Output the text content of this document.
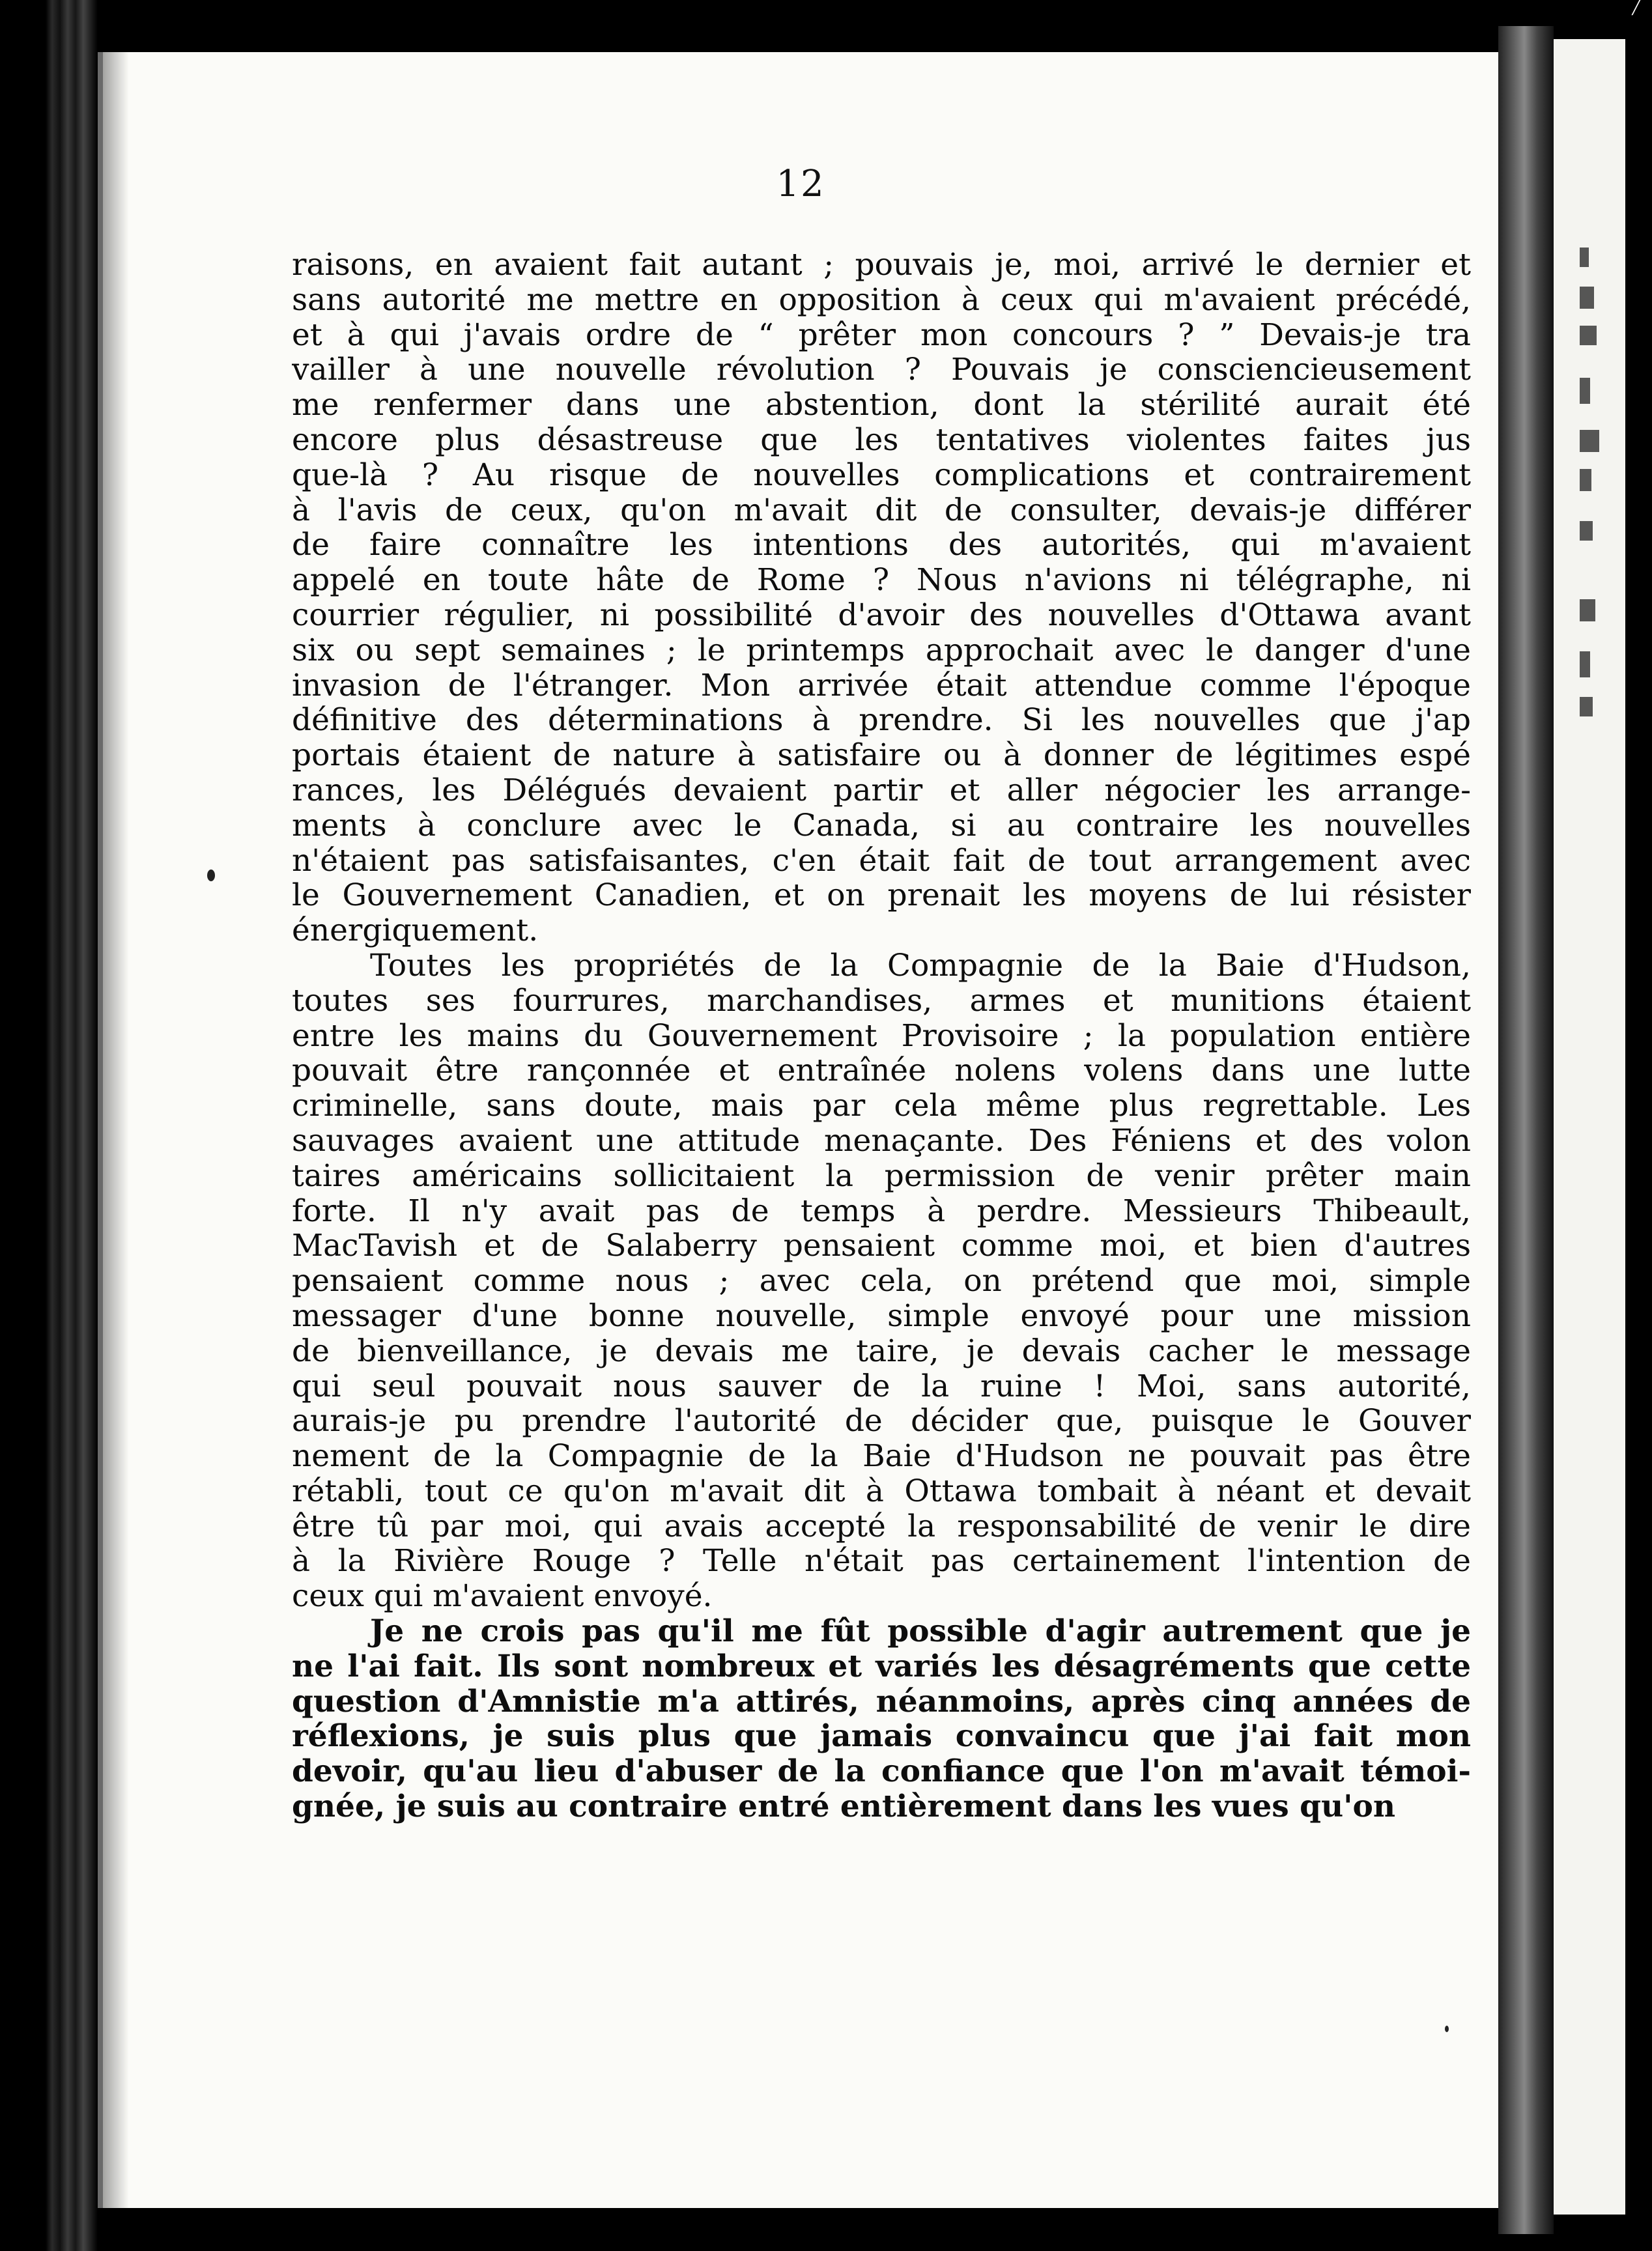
12
raisons, en avaient fait autant ; pouvais je, moi, arrivé le dernier et
sans autorité me mettre en opposition à ceux qui m'avaient précédé,
et à qui j'avais ordre de “ prêter mon concours ? ” Devais-je tra
vailler à une nouvelle révolution ? Pouvais je consciencieusement
me renfermer dans une abstention, dont la stérilité aurait été
encore plus désastreuse que les tentatives violentes faites jus
que-là ? Au risque de nouvelles complications et contrairement
à l'avis de ceux, qu'on m'avait dit de consulter, devais-je différer
de faire connaître les intentions des autorités, qui m'avaient
appelé en toute hâte de Rome ? Nous n'avions ni télégraphe, ni
courrier régulier, ni possibilité d'avoir des nouvelles d'Ottawa avant
six ou sept semaines ; le printemps approchait avec le danger d'une
invasion de l'étranger. Mon arrivée était attendue comme l'époque
définitive des déterminations à prendre. Si les nouvelles que j'ap
portais étaient de nature à satisfaire ou à donner de légitimes espé
rances, les Délégués devaient partir et aller négocier les arrange-
ments à conclure avec le Canada, si au contraire les nouvelles
n'étaient pas satisfaisantes, c'en était fait de tout arrangement avec
le Gouvernement Canadien, et on prenait les moyens de lui résister
énergiquement.
Toutes les propriétés de la Compagnie de la Baie d'Hudson,
toutes ses fourrures, marchandises, armes et munitions étaient
entre les mains du Gouvernement Provisoire ; la population entière
pouvait être rançonnée et entraînée nolens volens dans une lutte
criminelle, sans doute, mais par cela même plus regrettable. Les
sauvages avaient une attitude menaçante. Des Féniens et des volon
taires américains sollicitaient la permission de venir prêter main
forte. Il n'y avait pas de temps à perdre. Messieurs Thibeault,
MacTavish et de Salaberry pensaient comme moi, et bien d'autres
pensaient comme nous ; avec cela, on prétend que moi, simple
messager d'une bonne nouvelle, simple envoyé pour une mission
de bienveillance, je devais me taire, je devais cacher le message
qui seul pouvait nous sauver de la ruine ! Moi, sans autorité,
aurais-je pu prendre l'autorité de décider que, puisque le Gouver
nement de la Compagnie de la Baie d'Hudson ne pouvait pas être
rétabli, tout ce qu'on m'avait dit à Ottawa tombait à néant et devait
être tû par moi, qui avais accepté la responsabilité de venir le dire
à la Rivière Rouge ? Telle n'était pas certainement l'intention de
ceux qui m'avaient envoyé.
Je ne crois pas qu'il me fût possible d'agir autrement que je
ne l'ai fait. Ils sont nombreux et variés les désagréments que cette
question d'Amnistie m'a attirés, néanmoins, après cinq années de
réflexions, je suis plus que jamais convaincu que j'ai fait mon
devoir, qu'au lieu d'abuser de la confiance que l'on m'avait témoi-
gnée, je suis au contraire entré entièrement dans les vues qu'on
╱
